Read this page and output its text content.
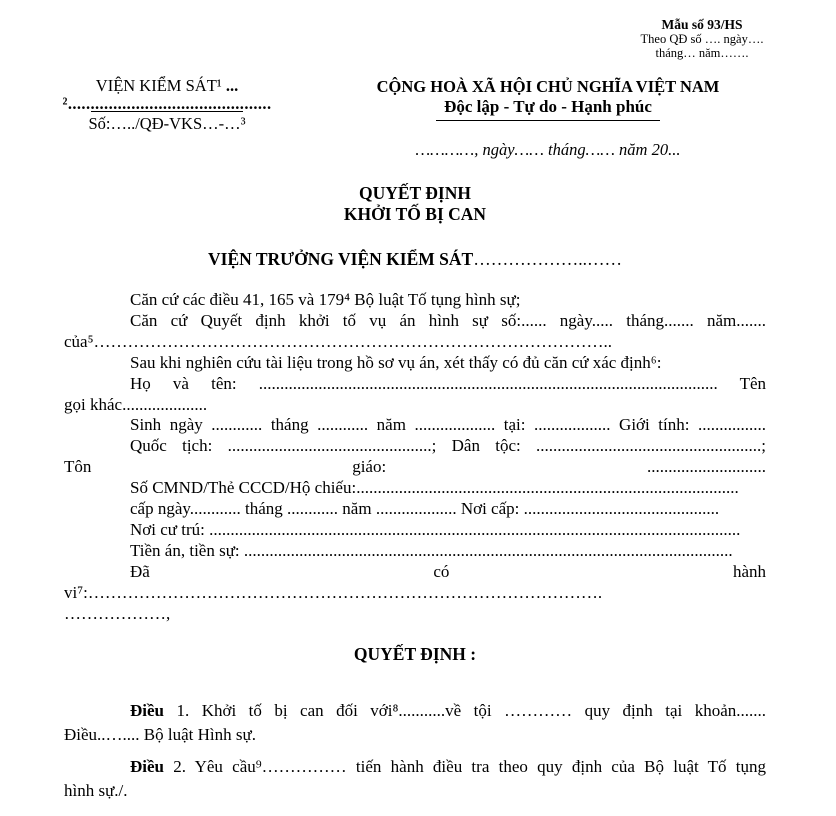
Mẫu số 93/HS
Theo QĐ số …. ngày….
tháng… năm…….
VIỆN KIỂM SÁT¹ ...
².............................................
Số:…../QĐ-VKS…-…³
CỘNG HOÀ XÃ HỘI CHỦ NGHĨA VIỆT NAM
Độc lập - Tự do - Hạnh phúc
…………, ngày…… tháng…… năm 20...
QUYẾT ĐỊNH
KHỞI TỐ BỊ CAN
VIỆN TRƯỞNG VIỆN KIỂM SÁT………………..……
Căn cứ các điều 41, 165 và 179⁴ Bộ luật Tố tụng hình sự;
Căn cứ Quyết định khởi tố vụ án hình sự số:...... ngày..... tháng....... năm.......
của⁵………………………………………………………………………………..
Sau khi nghiên cứu tài liệu trong hồ sơ vụ án, xét thấy có đủ căn cứ xác định⁶:
Họ và tên: ............................................................................................................ Tên
gọi khác....................
Sinh ngày ............ tháng ............ năm ................... tại: .................. Giới tính: ................
Quốc tịch: ................................................; Dân tộc: .....................................................;
Tôn giáo: ............................
Số CMND/Thẻ CCCD/Hộ chiếu:..........................................................................................
cấp ngày............ tháng ............ năm ................... Nơi cấp: ..............................................
Nơi cư trú: .............................................................................................................................
Tiền án, tiền sự: ...................................................................................................................
Đã có hành
vi⁷:……………………………………………………………………………….
………………,
QUYẾT ĐỊNH :
Điều 1. Khởi tố bị can đối với⁸...........về tội ………… quy định tại khoản.......
Điều..….... Bộ luật Hình sự.
Điều 2. Yêu cầu⁹…………… tiến hành điều tra theo quy định của Bộ luật Tố tụng
hình sự./.
